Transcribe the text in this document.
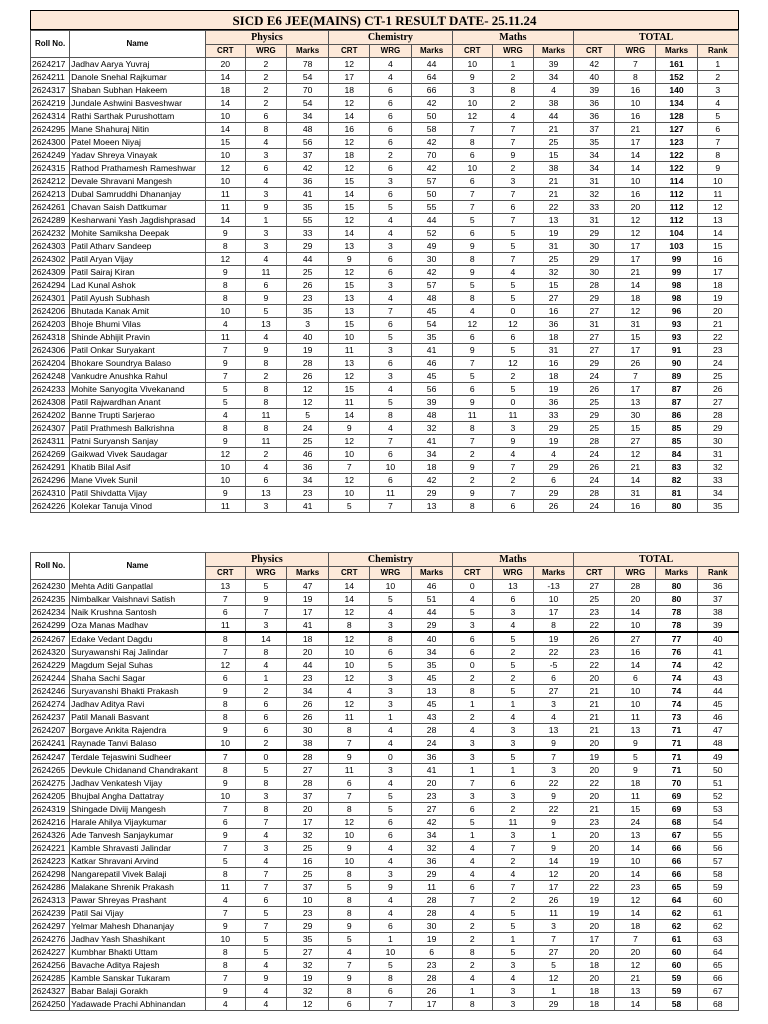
SICD E6 JEE(MAINS) CT-1 RESULT DATE- 25.11.24
Roll No.	Name	Physics			Chemistry			Maths			TOTAL			
		CRT	WRG	Marks	CRT	WRG	Marks	CRT	WRG	Marks	CRT	WRG	Marks	Rank
2624217	Jadhav Aarya Yuvraj	20	2	78	12	4	44	10	1	39	42	7	161	1
2624211	Danole Snehal Rajkumar	14	2	54	17	4	64	9	2	34	40	8	152	2
2624317	Shaban Subhan Hakeem	18	2	70	18	6	66	3	8	4	39	16	140	3
2624219	Jundale Ashwini Basveshwar	14	2	54	12	6	42	10	2	38	36	10	134	4
2624314	Rathi Sarthak Purushottam	10	6	34	14	6	50	12	4	44	36	16	128	5
2624295	Mane Shahuraj Nitin	14	8	48	16	6	58	7	7	21	37	21	127	6
2624300	Patel Moeen Niyaj	15	4	56	12	6	42	8	7	25	35	17	123	7
2624249	Yadav Shreya Vinayak	10	3	37	18	2	70	6	9	15	34	14	122	8
2624315	Rathod Prathamesh Rameshwar	12	6	42	12	6	42	10	2	38	34	14	122	9
2624212	Devale Shravani Mangesh	10	4	36	15	3	57	6	3	21	31	10	114	10
2624213	Dubal Samruddhi Dhananjay	11	3	41	14	6	50	7	7	21	32	16	112	11
2624261	Chavan Saish Dattkumar	11	9	35	15	5	55	7	6	22	33	20	112	12
2624289	Kesharwani Yash Jagdishprasad	14	1	55	12	4	44	5	7	13	31	12	112	13
2624232	Mohite Samiksha Deepak	9	3	33	14	4	52	6	5	19	29	12	104	14
2624303	Patil Atharv Sandeep	8	3	29	13	3	49	9	5	31	30	17	103	15
2624302	Patil Aryan Vijay	12	4	44	9	6	30	8	7	25	29	17	99	16
2624309	Patil Sairaj Kiran	9	11	25	12	6	42	9	4	32	30	21	99	17
2624294	Lad Kunal Ashok	8	6	26	15	3	57	5	5	15	28	14	98	18
2624301	Patil Ayush Subhash	8	9	23	13	4	48	8	5	27	29	18	98	19
2624206	Bhutada Kanak Amit	10	5	35	13	7	45	4	0	16	27	12	96	20
2624203	Bhoje Bhumi Vilas	4	13	3	15	6	54	12	12	36	31	31	93	21
2624318	Shinde Abhijit Pravin	11	4	40	10	5	35	6	6	18	27	15	93	22
2624306	Patil Onkar Suryakant	7	9	19	11	3	41	9	5	31	27	17	91	23
2624204	Bhokare Soundrya Balaso	9	8	28	13	6	46	7	12	16	29	26	90	24
2624248	Vankudre Anushka Rahul	7	2	26	12	3	45	5	2	18	24	7	89	25
2624233	Mohite Sanyogita Vivekanand	5	8	12	15	4	56	6	5	19	26	17	87	26
2624308	Patil Rajwardhan Anant	5	8	12	11	5	39	9	0	36	25	13	87	27
2624202	Banne Trupti Sarjerao	4	11	5	14	8	48	11	11	33	29	30	86	28
2624307	Patil Prathmesh Balkrishna	8	8	24	9	4	32	8	3	29	25	15	85	29
2624311	Patni Suryansh Sanjay	9	11	25	12	7	41	7	9	19	28	27	85	30
2624269	Gaikwad Vivek Saudagar	12	2	46	10	6	34	2	4	4	24	12	84	31
2624291	Khatib Bilal Asif	10	4	36	7	10	18	9	7	29	26	21	83	32
2624296	Mane Vivek Sunil	10	6	34	12	6	42	2	2	6	24	14	82	33
2624310	Patil Shivdatta Vijay	9	13	23	10	11	29	9	7	29	28	31	81	34
2624226	Kolekar Tanuja Vinod	11	3	41	5	7	13	8	6	26	24	16	80	35
Roll No.	Name	Physics			Chemistry			Maths			TOTAL			
		CRT	WRG	Marks	CRT	WRG	Marks	CRT	WRG	Marks	CRT	WRG	Marks	Rank
2624230	Mehta Aditi Ganpatlal	13	5	47	14	10	46	0	13	-13	27	28	80	36
2624235	Nimbalkar Vaishnavi Satish	7	9	19	14	5	51	4	6	10	25	20	80	37
2624234	Naik Krushna Santosh	6	7	17	12	4	44	5	3	17	23	14	78	38
2624299	Oza Manas Madhav	11	3	41	8	3	29	3	4	8	22	10	78	39
2624267	Edake Vedant Dagdu	8	14	18	12	8	40	6	5	19	26	27	77	40
2624320	Suryawanshi Raj Jalindar	7	8	20	10	6	34	6	2	22	23	16	76	41
2624229	Magdum Sejal Suhas	12	4	44	10	5	35	0	5	-5	22	14	74	42
2624244	Shaha Sachi Sagar	6	1	23	12	3	45	2	2	6	20	6	74	43
2624246	Suryavanshi Bhakti Prakash	9	2	34	4	3	13	8	5	27	21	10	74	44
2624274	Jadhav Aditya Ravi	8	6	26	12	3	45	1	1	3	21	10	74	45
2624237	Patil Manali Basvant	8	6	26	11	1	43	2	4	4	21	11	73	46
2624207	Borgave Ankita Rajendra	9	6	30	8	4	28	4	3	13	21	13	71	47
2624241	Raynade Tanvi Balaso	10	2	38	7	4	24	3	3	9	20	9	71	48
2624247	Terdale Tejaswini Sudheer	7	0	28	9	0	36	3	5	7	19	5	71	49
2624265	Devkule Chidanand Chandrakant	8	5	27	11	3	41	1	1	3	20	9	71	50
2624275	Jadhav Venkatesh Vijay	9	8	28	6	4	20	7	6	22	22	18	70	51
2624205	Bhujbal Angha Dattatray	10	3	37	7	5	23	3	3	9	20	11	69	52
2624319	Shingade Diviij Mangesh	7	8	20	8	5	27	6	2	22	21	15	69	53
2624216	Harale Ahilya Vijaykumar	6	7	17	12	6	42	5	11	9	23	24	68	54
2624326	Ade Tanvesh Sanjaykumar	9	4	32	10	6	34	1	3	1	20	13	67	55
2624221	Kamble Shravasti Jalindar	7	3	25	9	4	32	4	7	9	20	14	66	56
2624223	Katkar Shravani Arvind	5	4	16	10	4	36	4	2	14	19	10	66	57
2624298	Nangarepatil Vivek Balaji	8	7	25	8	3	29	4	4	12	20	14	66	58
2624286	Malakane Shrenik Prakash	11	7	37	5	9	11	6	7	17	22	23	65	59
2624313	Pawar Shreyas Prashant	4	6	10	8	4	28	7	2	26	19	12	64	60
2624239	Patil Sai Vijay	7	5	23	8	4	28	4	5	11	19	14	62	61
2624297	Yelmar Mahesh Dhananjay	9	7	29	9	6	30	2	5	3	20	18	62	62
2624276	Jadhav Yash Shashikant	10	5	35	5	1	19	2	1	7	17	7	61	63
2624227	Kumbhar Bhakti Uttam	8	5	27	4	10	6	8	5	27	20	20	60	64
2624256	Bavache Aditya Rajesh	8	4	32	7	5	23	2	3	5	18	12	60	65
2624285	Kamble Sanskar Tukaram	7	9	19	9	8	28	4	4	12	20	21	59	66
2624327	Babar Balaji Gorakh	9	4	32	8	6	26	1	3	1	18	13	59	67
2624250	Yadawade Prachi Abhinandan	4	4	12	6	7	17	8	3	29	18	14	58	68
